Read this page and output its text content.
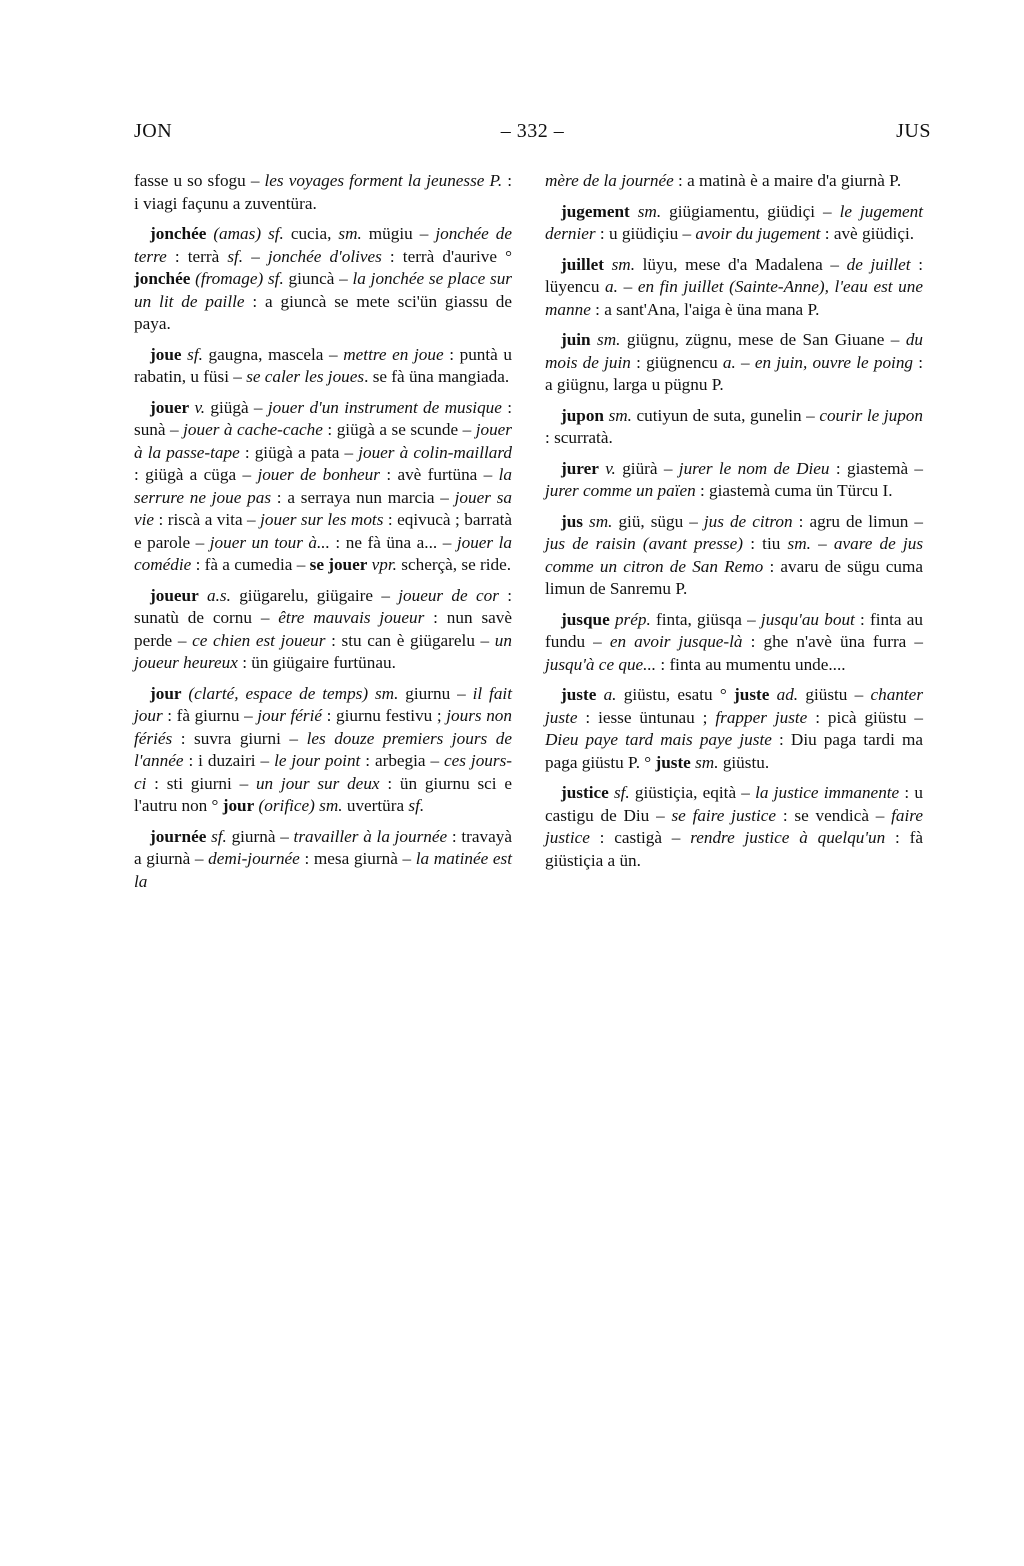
JON	– 332 –	JUS

fasse u so sfogu – les voyages forment la jeunesse P. : i viagi façunu a zuventüra.

jonchée (amas) sf. cucia, sm. mügiu – jonchée de terre : terrà sf. – jonchée d'olives : terrà d'aurive ° jonchée (fromage) sf. giuncà – la jonchée se place sur un lit de paille : a giuncà se mete sci'ün giassu de paya.

joue sf. gaugna, mascela – mettre en joue : puntà u rabatin, u füsi – se caler les joues. se fà üna mangiada.

jouer v. giügà – jouer d'un instrument de musique : sunà – jouer à cache-cache : giügà a se scunde – jouer à la passe-tape : giügà a pata – jouer à colin-maillard : giügà a cüga – jouer de bonheur : avè furtüna – la serrure ne joue pas : a serraya nun marcia – jouer sa vie : riscà a vita – jouer sur les mots : eqivucà ; barratà e parole – jouer un tour à... : ne fà üna a... – jouer la comédie : fà a cumedia – se jouer vpr. scherçà, se ride.

joueur a.s. giügarelu, giügaire – joueur de cor : sunatù de cornu – être mauvais joueur : nun savè perde – ce chien est joueur : stu can è giügarelu – un joueur heureux : ün giügaire furtünau.

jour (clarté, espace de temps) sm. giurnu – il fait jour : fà giurnu – jour férié : giurnu festivu ; jours non fériés : suvra giurni – les douze premiers jours de l'année : i duzairi – le jour point : arbegia – ces jours-ci : sti giurni – un jour sur deux : ün giurnu sci e l'autru non ° jour (orifice) sm. uvertüra sf.

journée sf. giurnà – travailler à la journée : travayà a giurnà – demi-journée : mesa giurnà – la matinée est la

mère de la journée : a matinà è a maire d'a giurnà P.

jugement sm. giügiamentu, giüdiçi – le jugement dernier : u giüdiçiu – avoir du jugement : avè giüdiçi.

juillet sm. lüyu, mese d'a Madalena – de juillet : lüyencu a. – en fin juillet (Sainte-Anne), l'eau est une manne : a sant'Ana, l'aiga è üna mana P.

juin sm. giügnu, zügnu, mese de San Giuane – du mois de juin : giügnencu a. – en juin, ouvre le poing : a giügnu, larga u pügnu P.

jupon sm. cutiyun de suta, gunelin – courir le jupon : scurratà.

jurer v. giürà – jurer le nom de Dieu : giastemà – jurer comme un païen : giastemà cuma ün Türcu I.

jus sm. giü, sügu – jus de citron : agru de limun – jus de raisin (avant presse) : tiu sm. – avare de jus comme un citron de San Remo : avaru de sügu cuma limun de Sanremu P.

jusque prép. finta, giüsqa – jusqu'au bout : finta au fundu – en avoir jusque-là : ghe n'avè üna furra – jusqu'à ce que... : finta au mumentu unde....

juste a. giüstu, esatu ° juste ad. giüstu – chanter juste : iesse üntunau ; frapper juste : picà giüstu – Dieu paye tard mais paye juste : Diu paga tardi ma paga giüstu P. ° juste sm. giüstu.

justice sf. giüstiçia, eqità – la justice immanente : u castigu de Diu – se faire justice : se vendicà – faire justice : castigà – rendre justice à quelqu'un : fà giüstiçia a ün.
